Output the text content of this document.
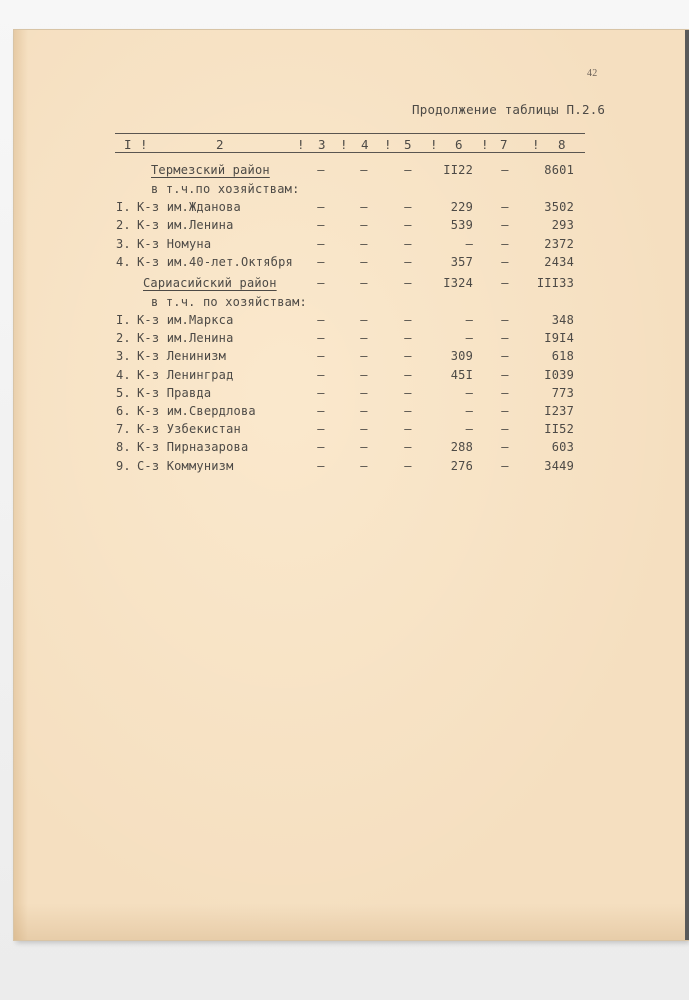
42
Продолжение таблицы П.2.6
I !	2	! 3 ! 4 ! 5 ! 6 ! 7 ! 8
Термезский район	–	–	–	II22 –	8601
в т.ч.по хозяйствам:
I. К-з им.Жданова	–	–	–	229 –	3502
2. К-з им.Ленина	–	–	–	539 –	293
3. К-з Номуна	–	–	–	– –	2372
4. К-з им.40-лет.Октября –	–	–	357 –	2434
Сариасийский район	–	–	–	I324 –	III33
в т.ч. по хозяйствам:
I. К-з им.Маркса	–	–	–	– –	348
2. К-з им.Ленина	–	–	–	– –	I9I4
3. К-з Ленинизм	–	–	–	309 –	618
4. К-з Ленинград	–	–	–	45I –	I039
5. К-з Правда	–	–	–	– –	773
6. К-з им.Свердлова	–	–	–	– –	I237
7. К-з Узбекистан	–	–	–	– –	II52
8. К-з Пирназарова	–	–	–	288 –	603
9. С-з Коммунизм	–	–	–	276 –	3449
